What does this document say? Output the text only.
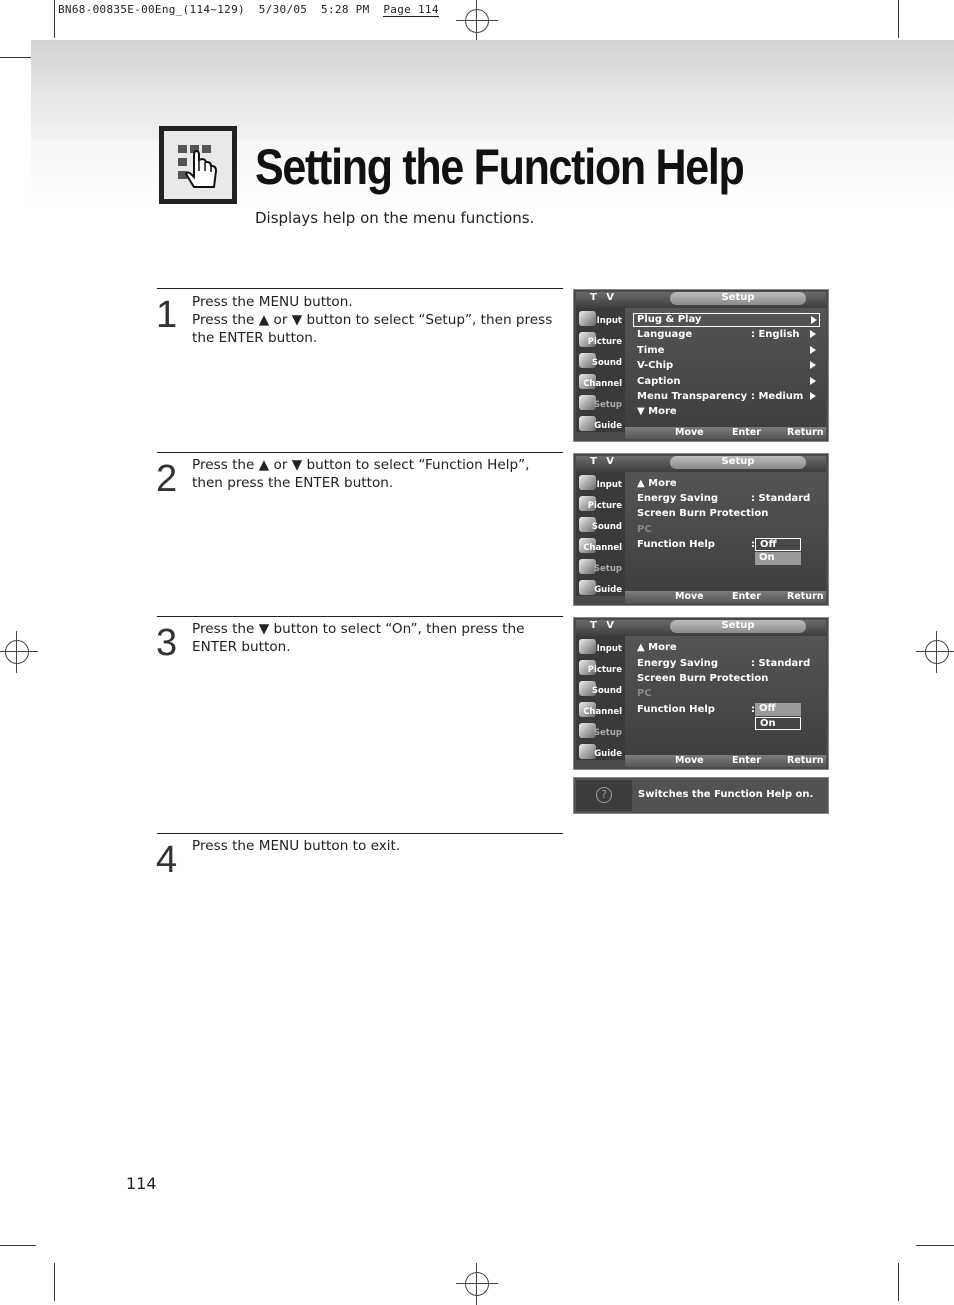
BN68-00835E-00Eng_(114~129)  5/30/05  5:28 PM  Page 114
Setting the Function Help
Displays help on the menu functions.
1 Press the MENU button.
Press the ▲ or ▼ button to select “Setup”, then press the ENTER button.
2 Press the ▲ or ▼ button to select “Function Help”, then press the ENTER button.
3 Press the ▼ button to select “On”, then press the ENTER button.
4 Press the MENU button to exit.
T V	Setup
Input
Picture
Sound
Channel
Setup
Guide
Plug & Play
Language	: English
Time
V-Chip
Caption
Menu Transparency : Medium
▼ More
Move	Enter	Return
T V	Setup
Input
Picture
Sound
Channel
Setup
Guide
▲ More
Energy Saving	: Standard
Screen Burn Protection
PC
Function Help	: Off
On
Move	Enter	Return
T V	Setup
Input
Picture
Sound
Channel
Setup
Guide
▲ More
Energy Saving	: Standard
Screen Burn Protection
PC
Function Help	: Off
On
Move	Enter	Return
?	Switches the Function Help on.
114
